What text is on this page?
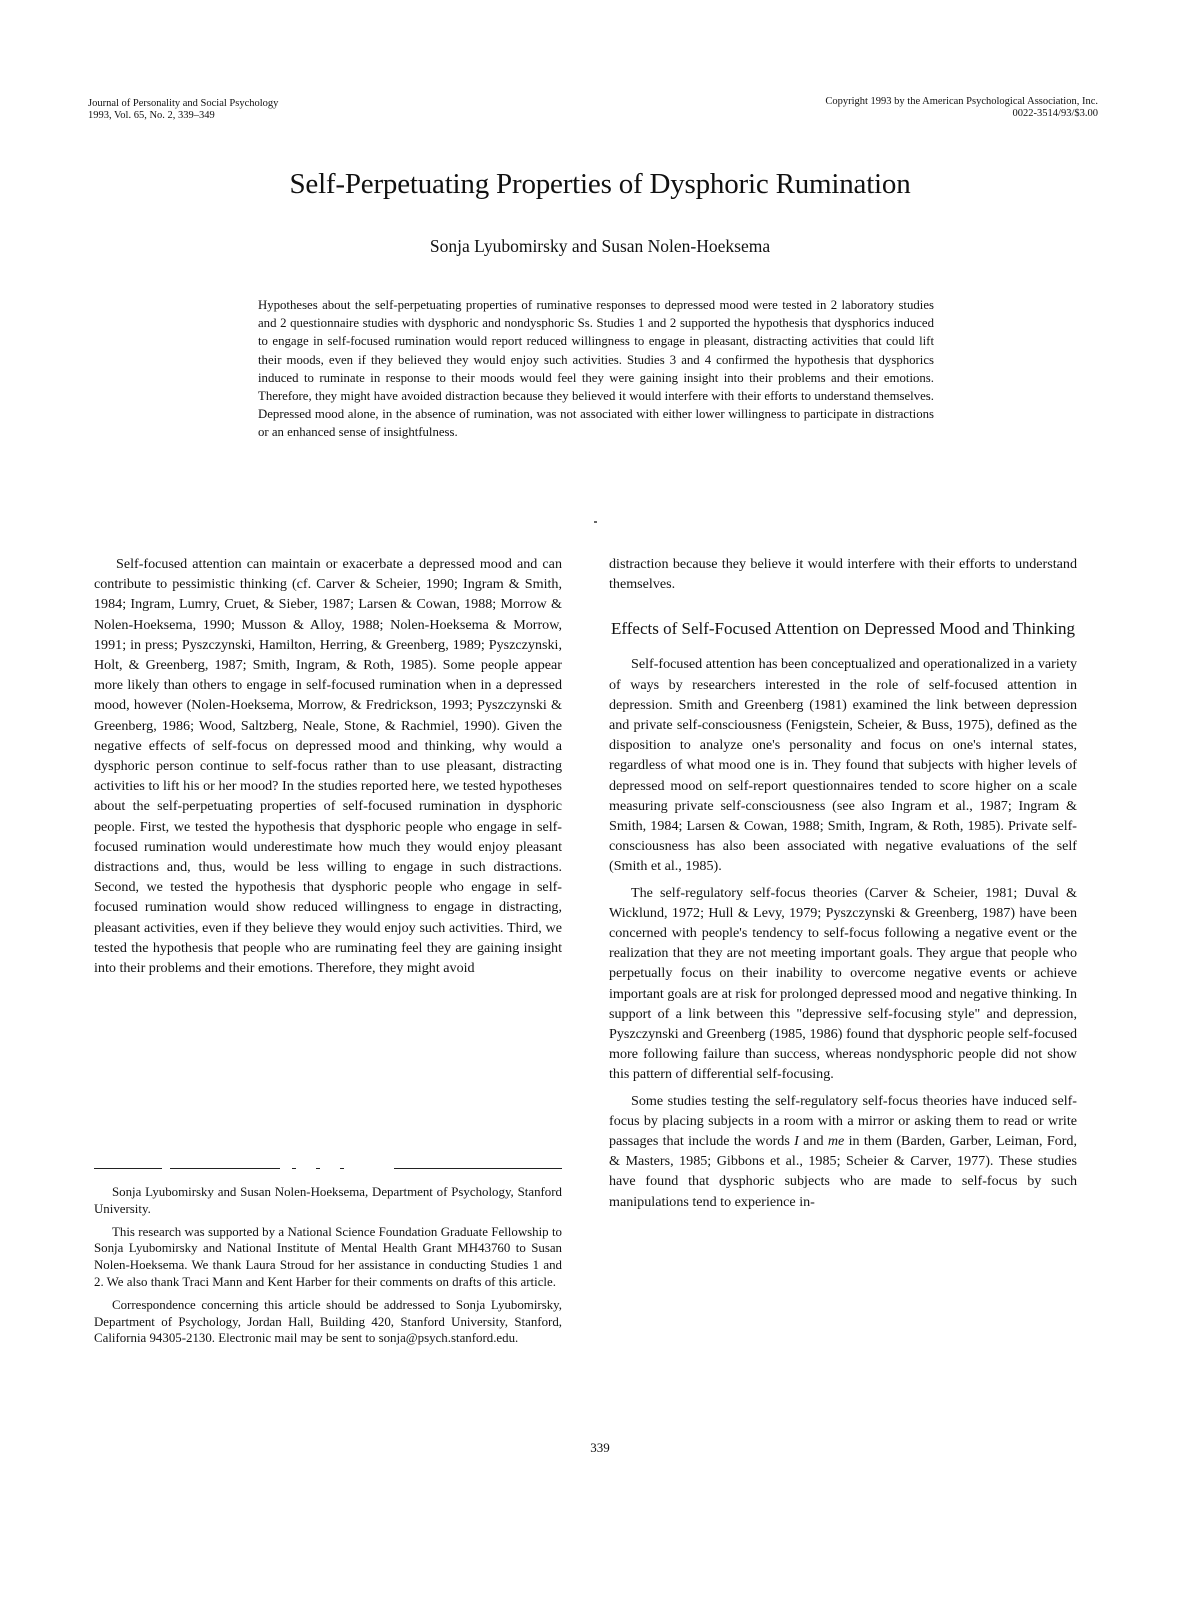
Journal of Personality and Social Psychology
1993, Vol. 65, No. 2, 339–349
Copyright 1993 by the American Psychological Association, Inc.
0022-3514/93/$3.00
Self-Perpetuating Properties of Dysphoric Rumination
Sonja Lyubomirsky and Susan Nolen-Hoeksema

Hypotheses about the self-perpetuating properties of ruminative responses to depressed mood were tested in 2 laboratory studies and 2 questionnaire studies with dysphoric and nondysphoric Ss. Studies 1 and 2 supported the hypothesis that dysphorics induced to engage in self-focused rumination would report reduced willingness to engage in pleasant, distracting activities that could lift their moods, even if they believed they would enjoy such activities. Studies 3 and 4 confirmed the hypothesis that dysphorics induced to ruminate in response to their moods would feel they were gaining insight into their problems and their emotions. Therefore, they might have avoided distraction because they believed it would interfere with their efforts to understand themselves. Depressed mood alone, in the absence of rumination, was not associated with either lower willingness to participate in distractions or an enhanced sense of insightfulness.

Self-focused attention can maintain or exacerbate a depressed mood and can contribute to pessimistic thinking (cf. Carver & Scheier, 1990; Ingram & Smith, 1984; Ingram, Lumry, Cruet, & Sieber, 1987; Larsen & Cowan, 1988; Morrow & Nolen-Hoeksema, 1990; Musson & Alloy, 1988; Nolen-Hoeksema & Morrow, 1991; in press; Pyszczynski, Hamilton, Herring, & Greenberg, 1989; Pyszczynski, Holt, & Greenberg, 1987; Smith, Ingram, & Roth, 1985). Some people appear more likely than others to engage in self-focused rumination when in a depressed mood, however (Nolen-Hoeksema, Morrow, & Fredrickson, 1993; Pyszczynski & Greenberg, 1986; Wood, Saltzberg, Neale, Stone, & Rachmiel, 1990). Given the negative effects of self-focus on depressed mood and thinking, why would a dysphoric person continue to self-focus rather than to use pleasant, distracting activities to lift his or her mood? In the studies reported here, we tested hypotheses about the self-perpetuating properties of self-focused rumination in dysphoric people. First, we tested the hypothesis that dysphoric people who engage in self-focused rumination would underestimate how much they would enjoy pleasant distractions and, thus, would be less willing to engage in such distractions. Second, we tested the hypothesis that dysphoric people who engage in self-focused rumination would show reduced willingness to engage in distracting, pleasant activities, even if they believe they would enjoy such activities. Third, we tested the hypothesis that people who are ruminating feel they are gaining insight into their problems and their emotions. Therefore, they might avoid

Sonja Lyubomirsky and Susan Nolen-Hoeksema, Department of Psychology, Stanford University.

This research was supported by a National Science Foundation Graduate Fellowship to Sonja Lyubomirsky and National Institute of Mental Health Grant MH43760 to Susan Nolen-Hoeksema. We thank Laura Stroud for her assistance in conducting Studies 1 and 2. We also thank Traci Mann and Kent Harber for their comments on drafts of this article.

Correspondence concerning this article should be addressed to Sonja Lyubomirsky, Department of Psychology, Jordan Hall, Building 420, Stanford University, Stanford, California 94305-2130. Electronic mail may be sent to sonja@psych.stanford.edu.

distraction because they believe it would interfere with their efforts to understand themselves.

Effects of Self-Focused Attention on Depressed Mood and Thinking

Self-focused attention has been conceptualized and operationalized in a variety of ways by researchers interested in the role of self-focused attention in depression. Smith and Greenberg (1981) examined the link between depression and private self-consciousness (Fenigstein, Scheier, & Buss, 1975), defined as the disposition to analyze one's personality and focus on one's internal states, regardless of what mood one is in. They found that subjects with higher levels of depressed mood on self-report questionnaires tended to score higher on a scale measuring private self-consciousness (see also Ingram et al., 1987; Ingram & Smith, 1984; Larsen & Cowan, 1988; Smith, Ingram, & Roth, 1985). Private self-consciousness has also been associated with negative evaluations of the self (Smith et al., 1985).

The self-regulatory self-focus theories (Carver & Scheier, 1981; Duval & Wicklund, 1972; Hull & Levy, 1979; Pyszczynski & Greenberg, 1987) have been concerned with people's tendency to self-focus following a negative event or the realization that they are not meeting important goals. They argue that people who perpetually focus on their inability to overcome negative events or achieve important goals are at risk for prolonged depressed mood and negative thinking. In support of a link between this "depressive self-focusing style" and depression, Pyszczynski and Greenberg (1985, 1986) found that dysphoric people self-focused more following failure than success, whereas nondysphoric people did not show this pattern of differential self-focusing.

Some studies testing the self-regulatory self-focus theories have induced self-focus by placing subjects in a room with a mirror or asking them to read or write passages that include the words I and me in them (Barden, Garber, Leiman, Ford, & Masters, 1985; Gibbons et al., 1985; Scheier & Carver, 1977). These studies have found that dysphoric subjects who are made to self-focus by such manipulations tend to experience in-

339
